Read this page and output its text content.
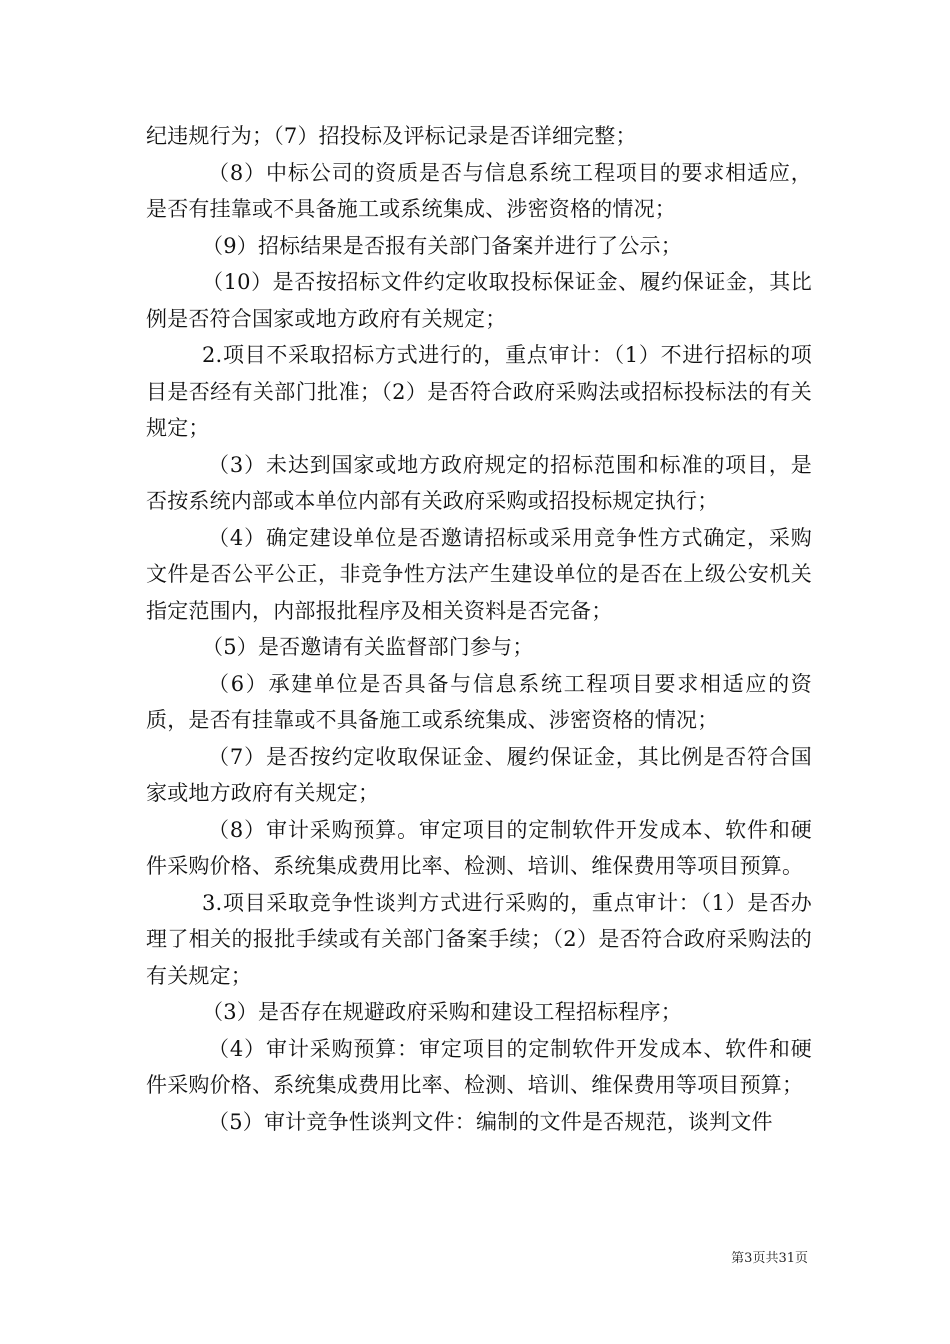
纪违规行为；（7）招投标及评标记录是否详细完整；

（8）中标公司的资质是否与信息系统工程项目的要求相适应，是否有挂靠或不具备施工或系统集成、涉密资格的情况；

（9）招标结果是否报有关部门备案并进行了公示；

（10）是否按招标文件约定收取投标保证金、履约保证金，其比例是否符合国家或地方政府有关规定；

2.项目不采取招标方式进行的，重点审计：（1）不进行招标的项目是否经有关部门批准；（2）是否符合政府采购法或招标投标法的有关规定；

（3）未达到国家或地方政府规定的招标范围和标准的项目，是否按系统内部或本单位内部有关政府采购或招投标规定执行；

（4）确定建设单位是否邀请招标或采用竞争性方式确定，采购文件是否公平公正，非竞争性方法产生建设单位的是否在上级公安机关指定范围内，内部报批程序及相关资料是否完备；

（5）是否邀请有关监督部门参与；

（6）承建单位是否具备与信息系统工程项目要求相适应的资质，是否有挂靠或不具备施工或系统集成、涉密资格的情况；

（7）是否按约定收取保证金、履约保证金，其比例是否符合国家或地方政府有关规定；

（8）审计采购预算。审定项目的定制软件开发成本、软件和硬件采购价格、系统集成费用比率、检测、培训、维保费用等项目预算。

3.项目采取竞争性谈判方式进行采购的，重点审计：（1）是否办理了相关的报批手续或有关部门备案手续；（2）是否符合政府采购法的有关规定；

（3）是否存在规避政府采购和建设工程招标程序；

（4）审计采购预算：审定项目的定制软件开发成本、软件和硬件采购价格、系统集成费用比率、检测、培训、维保费用等项目预算；

（5）审计竞争性谈判文件：编制的文件是否规范，谈判文件

第3页共31页
